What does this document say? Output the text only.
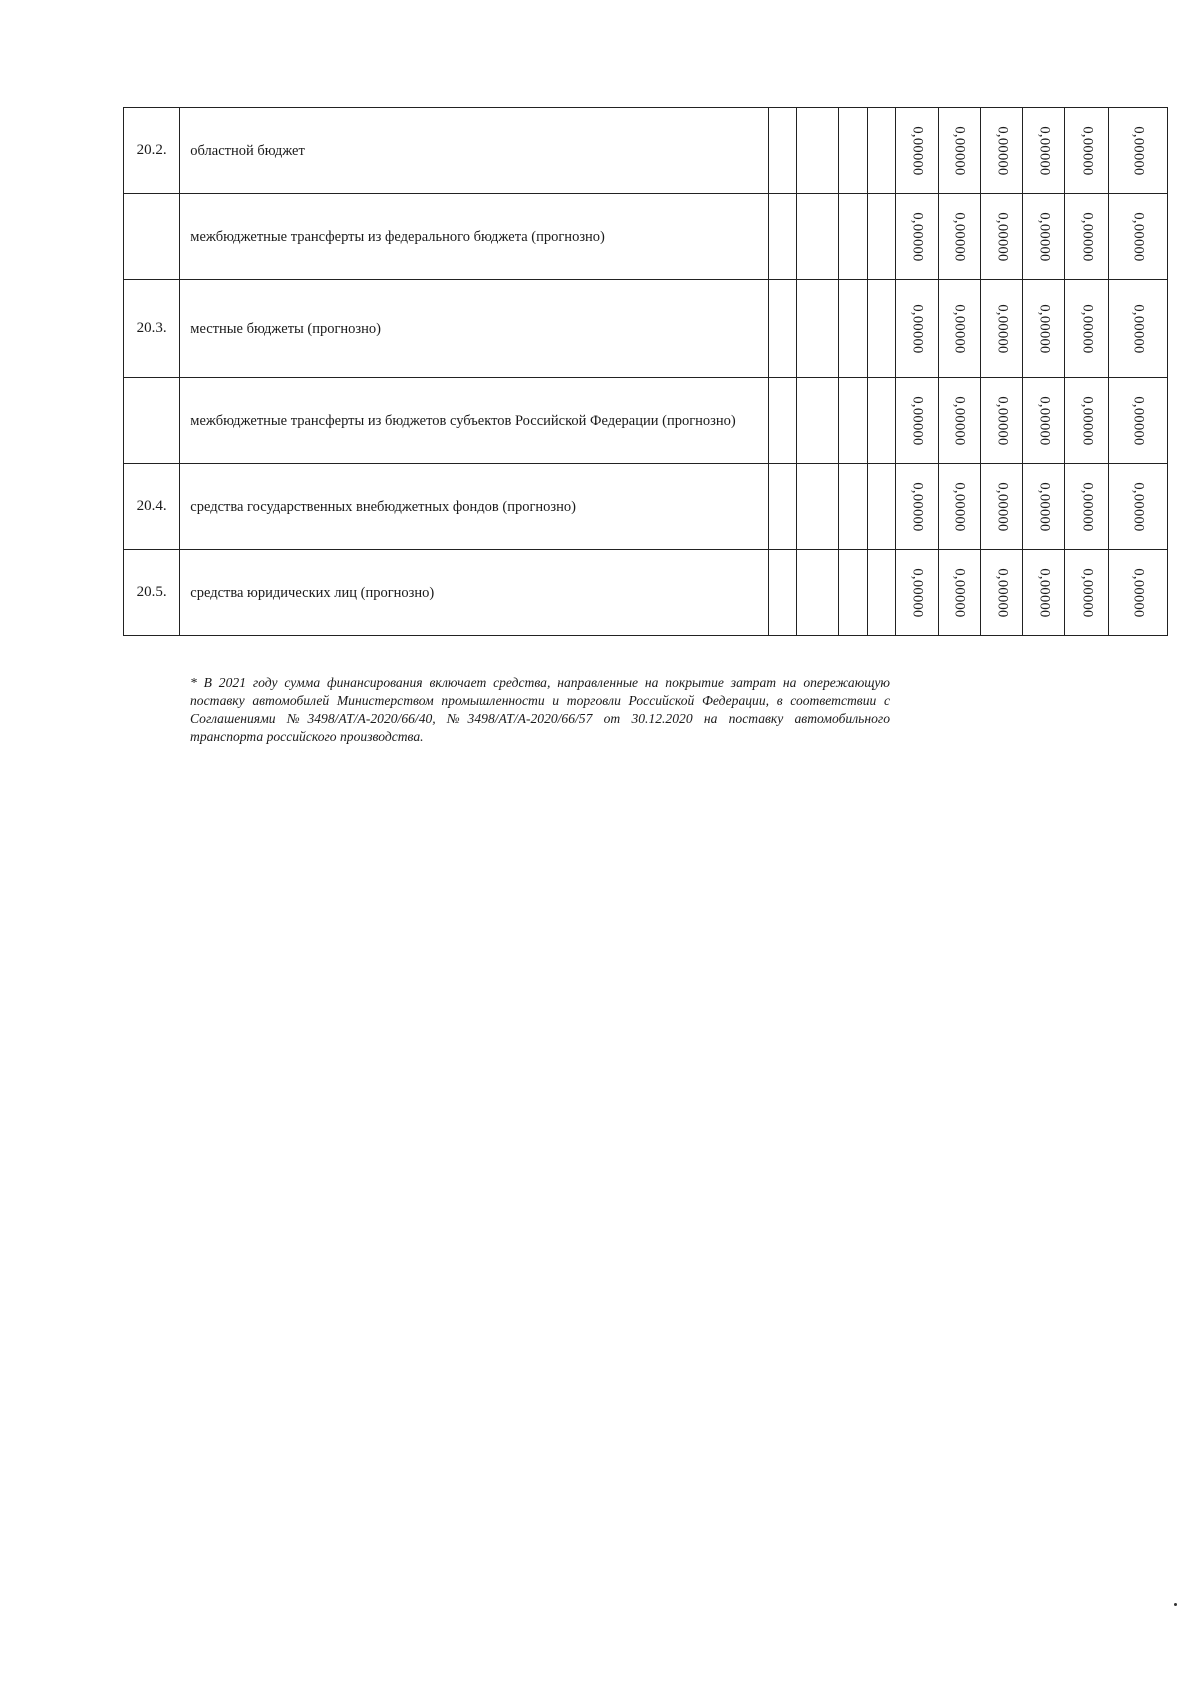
20.2.	областной бюджет					0,00000	0,00000	0,00000	0,00000	0,00000	0,00000

	межбюджетные трансферты из федерального бюджета (прогнозно)					0,00000	0,00000	0,00000	0,00000	0,00000	0,00000

20.3.	местные бюджеты (прогнозно)					0,00000	0,00000	0,00000	0,00000	0,00000	0,00000

	межбюджетные трансферты из бюджетов субъектов Российской Федерации (прогнозно)					0,00000	0,00000	0,00000	0,00000	0,00000	0,00000

20.4.	средства государственных внебюджетных фондов (прогнозно)					0,00000	0,00000	0,00000	0,00000	0,00000	0,00000

20.5.	средства юридических лиц (прогнозно)					0,00000	0,00000	0,00000	0,00000	0,00000	0,00000

* В 2021 году сумма финансирования включает средства, направленные на покрытие затрат на опережающую поставку автомобилей Министерством промышленности и торговли Российской Федерации, в соответствии с Соглашениями №3498/АТ/А-2020/66/40, №3498/АТ/А-2020/66/57 от 30.12.2020 на поставку автомобильного транспорта российского производства.
